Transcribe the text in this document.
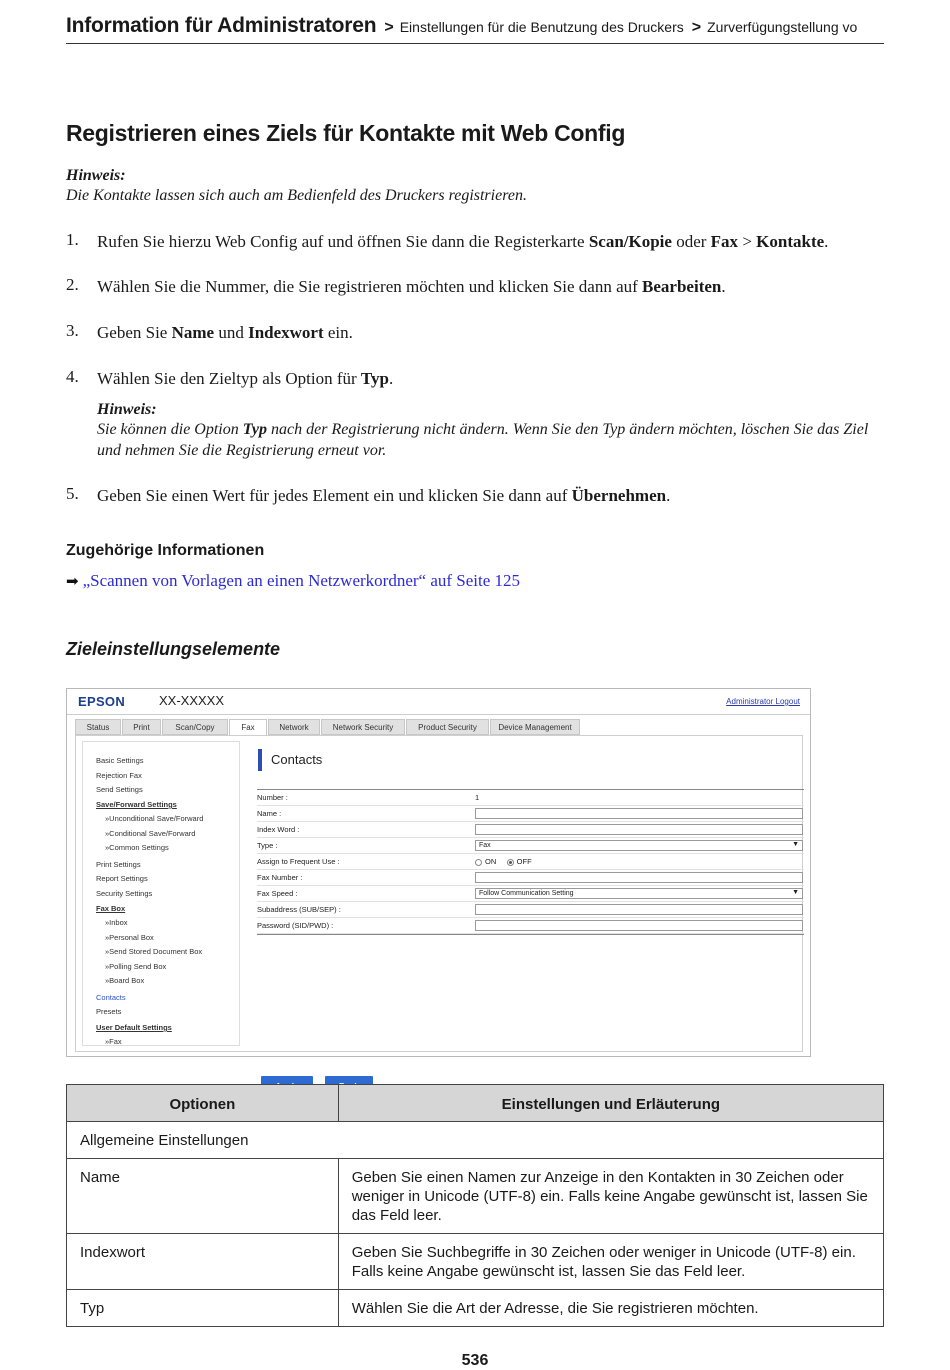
Information für Administratoren > Einstellungen für die Benutzung des Druckers > Zurverfügungstellung vo
Registrieren eines Ziels für Kontakte mit Web Config
Hinweis:
Die Kontakte lassen sich auch am Bedienfeld des Druckers registrieren.
1. Rufen Sie hierzu Web Config auf und öffnen Sie dann die Registerkarte Scan/Kopie oder Fax > Kontakte.
2. Wählen Sie die Nummer, die Sie registrieren möchten und klicken Sie dann auf Bearbeiten.
3. Geben Sie Name und Indexwort ein.
4. Wählen Sie den Zieltyp als Option für Typ.
Hinweis:
Sie können die Option Typ nach der Registrierung nicht ändern. Wenn Sie den Typ ändern möchten, löschen Sie das Ziel und nehmen Sie die Registrierung erneut vor.
5. Geben Sie einen Wert für jedes Element ein und klicken Sie dann auf Übernehmen.
Zugehörige Informationen
➡ „Scannen von Vorlagen an einen Netzwerkordner“ auf Seite 125
Zieleinstellungselemente
EPSON	XX-XXXXX	Administrator Logout
Status	Print	Scan/Copy	Fax	Network	Network Security	Product Security	Device Management
Basic Settings
Rejection Fax
Send Settings
Save/Forward Settings
»Unconditional Save/Forward
»Conditional Save/Forward
»Common Settings
Print Settings
Report Settings
Security Settings
Fax Box
»Inbox
»Personal Box
»Send Stored Document Box
»Polling Send Box
»Board Box
Contacts
Presets
User Default Settings
»Fax
Contacts
Number :	1
Name :
Index Word :
Type :	Fax	▼
Assign to Frequent Use :	ON	OFF
Fax Number :
Fax Speed :	Follow Communication Setting	▼
Subaddress (SUB/SEP) :
Password (SID/PWD) :
Optionen	Einstellungen und Erläuterung
Allgemeine Einstellungen	
Name	Geben Sie einen Namen zur Anzeige in den Kontakten in 30 Zeichen oder weniger in Unicode (UTF-8) ein. Falls keine Angabe gewünscht ist, lassen Sie das Feld leer.
Indexwort	Geben Sie Suchbegriffe in 30 Zeichen oder weniger in Unicode (UTF-8) ein. Falls keine Angabe gewünscht ist, lassen Sie das Feld leer.
Typ	Wählen Sie die Art der Adresse, die Sie registrieren möchten.
536
